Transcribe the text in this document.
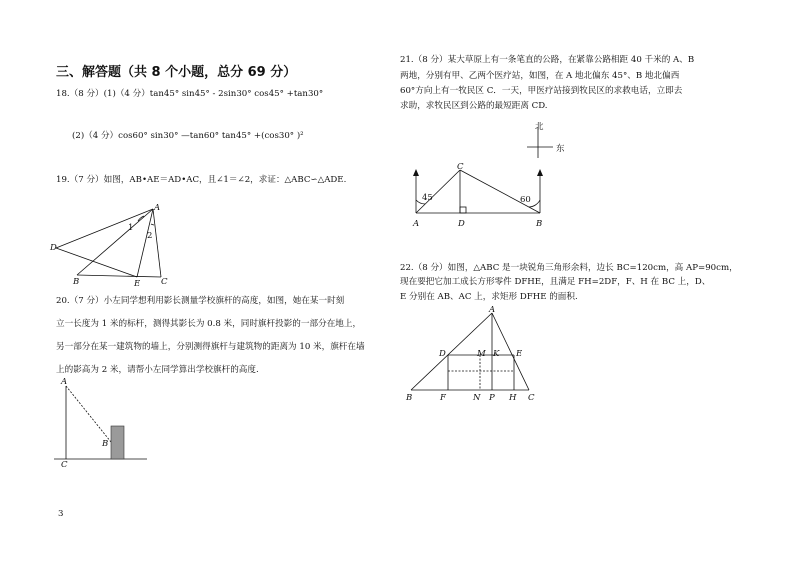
三、解答题（共 8 个小题，总分 69 分）
18.（8 分）(1)（4 分）tan45° sin45° - 2sin30° cos45° +tan30°
(2)（4 分）cos60° sin30° —tan60° tan45° +(cos30° )²
19.（7 分）如图，AB•AE＝AD•AC，且∠1＝∠2，求证：△ABC∽△ADE.
A
D
B	E C
1
2
20.（7 分）小左同学想利用影长测量学校旗杆的高度，如图，她在某一时刻
立一长度为 1 米的标杆，测得其影长为 0.8 米，同时旗杆投影的一部分在地上，
另一部分在某一建筑物的墙上，分别测得旗杆与建筑物的距离为 10 米，旗杆在墙
上的影高为 2 米，请帮小左同学算出学校旗杆的高度.
A
B
C
3
21.（8 分）某大草原上有一条笔直的公路，在紧靠公路相距 40 千米的 A、B
两地，分别有甲、乙两个医疗站，如图，在 A 地北偏东 45°、B 地北偏西
60°方向上有一牧民区 C．一天，甲医疗站接到牧民区的求救电话，立即去
求助，求牧民区到公路的最短距离 CD.
北
东
A	D	B
C
45	60
22.（8 分）如图，△ABC 是一块锐角三角形余料，边长 BC=120cm，高 AP=90cm，
现在要把它加工成长方形零件 DFHE，且满足 FH=2DF，F、H 在 BC 上，D、
E 分别在 AB、AC 上，求矩形 DFHE 的面积.
A
D	M K E
B	F	N P H C
